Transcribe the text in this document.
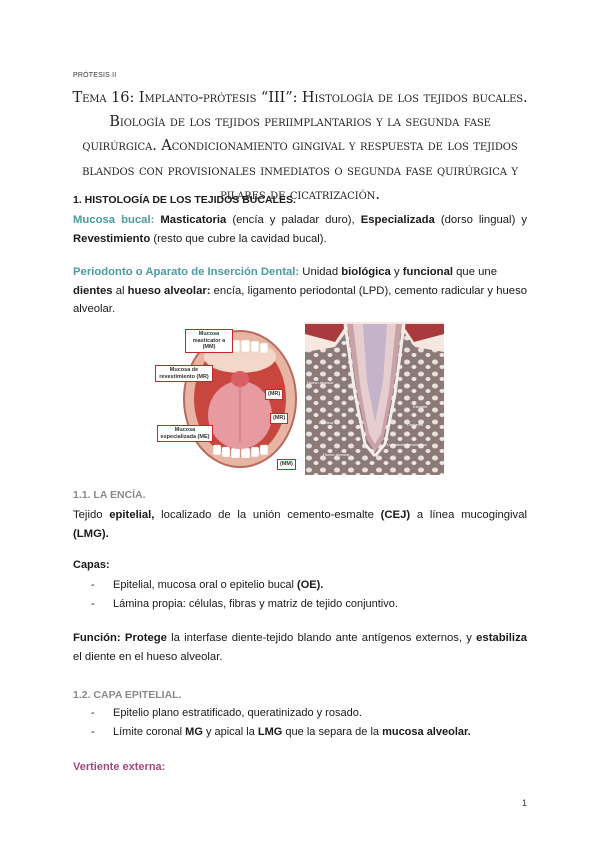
PRÓTESIS II
Tema 16: Implanto-prótesis “III”: Histología de los tejidos bucales. Biología de los tejidos periimplantarios y la segunda fase quirúrgica. Acondicionamiento gingival y respuesta de los tejidos blandos con provisionales inmediatos o segunda fase quirúrgica y pilares de cicatrización.
1. HISTOLOGÍA DE LOS TEJIDOS BUCALES.

Mucosa bucal: Masticatoria (encía y paladar duro), Especializada (dorso lingual) y Revestimiento (resto que cubre la cavidad bucal).

Periodonto o Aparato de Inserción Dental: Unidad biológica y funcional que une dientes al hueso alveolar: encía, ligamento periodontal (LPD), cemento radicular y hueso alveolar.

Mucosa masticator a (MM)
Mucosa de revestimiento (MR)
(MR)
(MR)
Mucosa especializada (ME)
(MM)
Hueso alveolar
Esmalte
Dentina
Ligamento periodontal
Hueso alveolar
Cemento
1.1. LA ENCÍA.

Tejido epitelial, localizado de la unión cemento-esmalte (CEJ) a línea mucogingival (LMG).

Capas:
- Epitelial, mucosa oral o epitelio bucal (OE).
- Lámina propia: células, fibras y matriz de tejido conjuntivo.

Función: Protege la interfase diente-tejido blando ante antígenos externos, y estabiliza el diente en el hueso alveolar.

1.2. CAPA EPITELIAL.
- Epitelio plano estratificado, queratinizado y rosado.
- Límite coronal MG y apical la LMG que la separa de la mucosa alveolar.
Vertiente externa:
1
